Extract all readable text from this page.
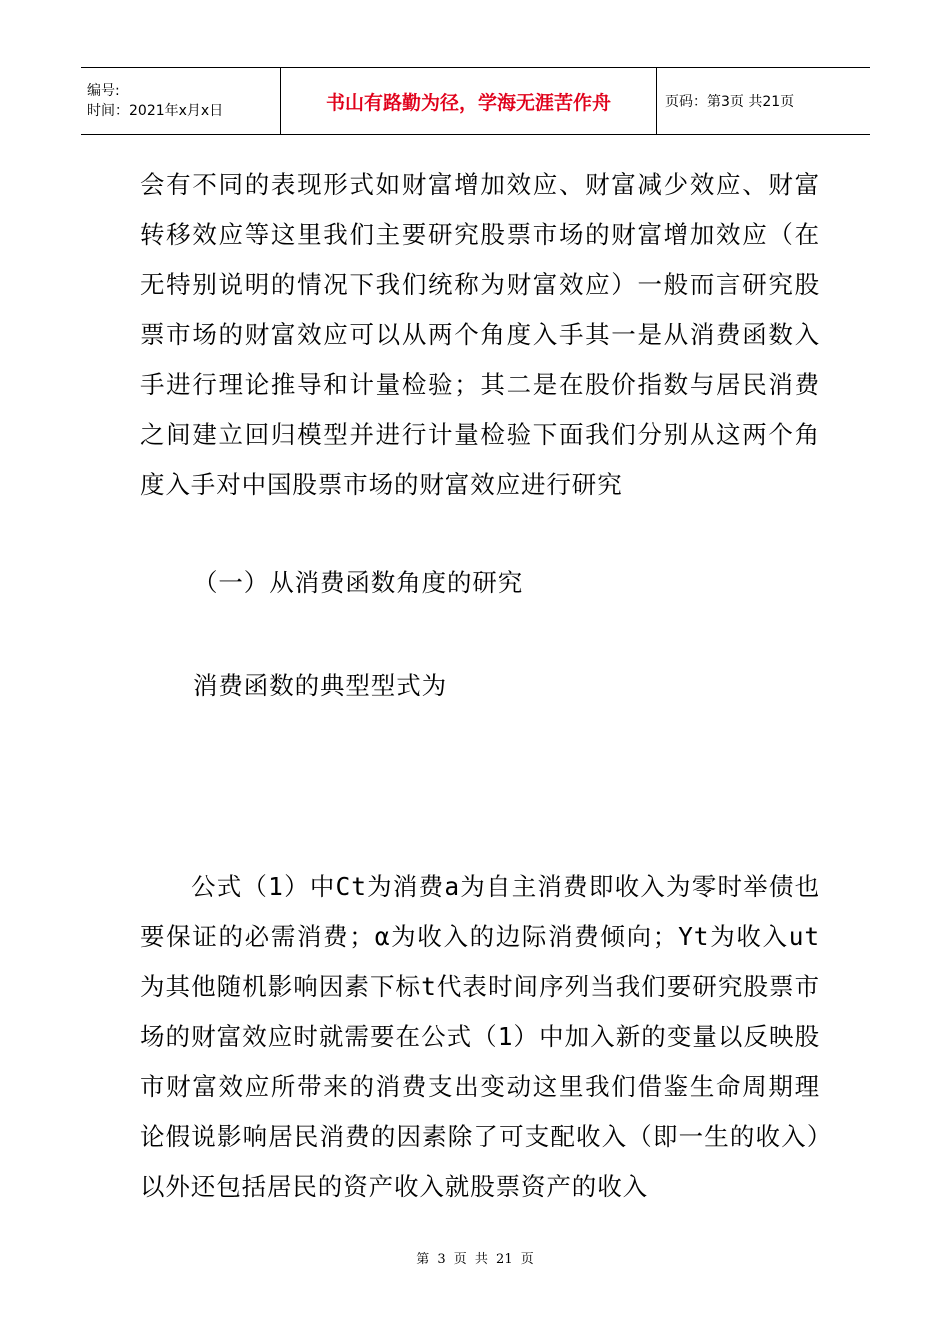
编号:
时间：2021年x月x日	书山有路勤为径，学海无涯苦作舟	页码：第3页 共21页

会有不同的表现形式如财富增加效应、财富减少效应、财富转移效应等这里我们主要研究股票市场的财富增加效应（在无特别说明的情况下我们统称为财富效应）一般而言研究股票市场的财富效应可以从两个角度入手其一是从消费函数入手进行理论推导和计量检验；其二是在股价指数与居民消费之间建立回归模型并进行计量检验下面我们分别从这两个角度入手对中国股票市场的财富效应进行研究

（一）从消费函数角度的研究
消费函数的典型型式为

公式（1）中Ct为消费a为自主消费即收入为零时举债也要保证的必需消费；α为收入的边际消费倾向；Yt为收入ut为其他随机影响因素下标t代表时间序列当我们要研究股票市场的财富效应时就需要在公式（1）中加入新的变量以反映股市财富效应所带来的消费支出变动这里我们借鉴生命周期理论假说影响居民消费的因素除了可支配收入（即一生的收入）以外还包括居民的资产收入就股票资产的收入

第 3 页 共 21 页
